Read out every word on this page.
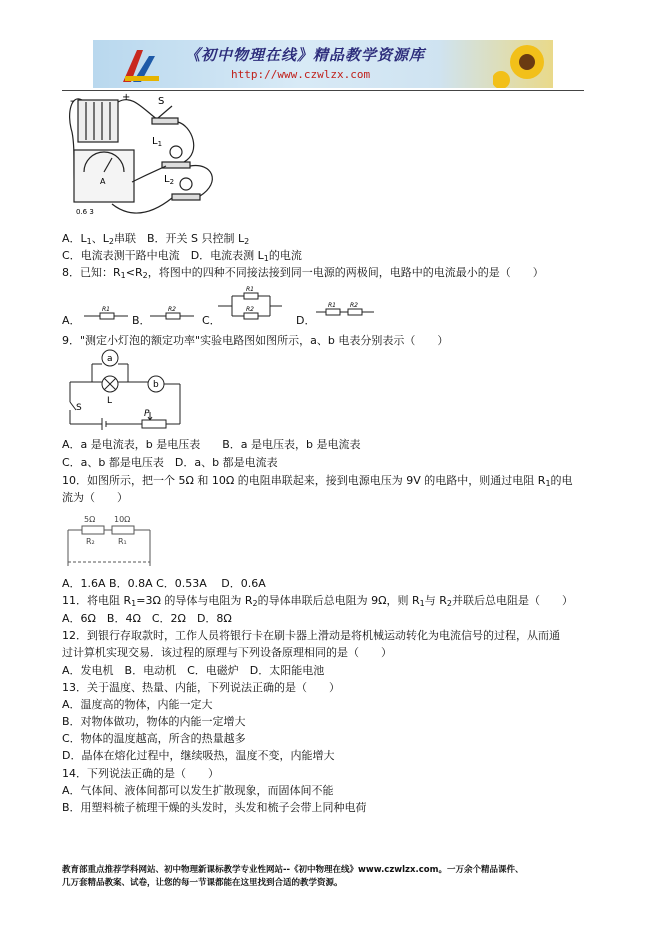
《初中物理在线》精品教学资源库
http://www.czwlzx.com
-	+	S
$L_1$
$L_2$
A
0.6 3
A．$L_1$、$L_2$串联　 B．开关 S 只控制 $L_2$
C．电流表测干路中电流　 D．电流表测 $L_1$的电流
8．已知：$R_1<R_2$，将图中的四种不同接法接到同一电源的两极间，电路中的电流最小的是（　　）
A．	B．	C．	D．
R1	R2
R1
R2
R1 R2
9．"测定小灯泡的额定功率"实验电路图如图所示，a、b 电表分别表示（　　）
a
b
L
S
P
A．a 是电流表，b 是电压表　　B．a 是电压表，b 是电流表
C．a、b 都是电压表　D．a、b 都是电流表
10．如图所示，把一个 5Ω 和 10Ω 的电阻串联起来，接到电源电压为 9V 的电路中，则通过电阻 $R_1$的电
流为（　　）
5Ω 10Ω
R₂	R₁
A．1.6A B．0.8A C．0.53A　 D．0.6A
11．将电阻 $R_1=3\Omega$ 的导体与电阻为 $R_2$的导体串联后总电阻为 9Ω，则 $R_1$与 $R_2$并联后总电阻是（　　）
A．6Ω　B．4Ω　C．2Ω　D．8Ω
12．到银行存取款时，工作人员将银行卡在刷卡器上滑动是将机械运动转化为电流信号的过程，从而通
过计算机实现交易．该过程的原理与下列设备原理相同的是（　　）
A．发电机　B．电动机　C．电磁炉　D．太阳能电池
13．关于温度、热量、内能，下列说法正确的是（　　）
A．温度高的物体，内能一定大
B．对物体做功，物体的内能一定增大
C．物体的温度越高，所含的热量越多
D．晶体在熔化过程中，继续吸热，温度不变，内能增大
14．下列说法正确的是（　　）
A．气体间、液体间都可以发生扩散现象，而固体间不能
B．用塑料梳子梳理干燥的头发时，头发和梳子会带上同种电荷
教育部重点推荐学科网站、初中物理新课标教学专业性网站--《初中物理在线》www.czwlzx.com。一万余个精品课件、
几万套精品教案、试卷，让您的每一节课都能在这里找到合适的教学资源。
